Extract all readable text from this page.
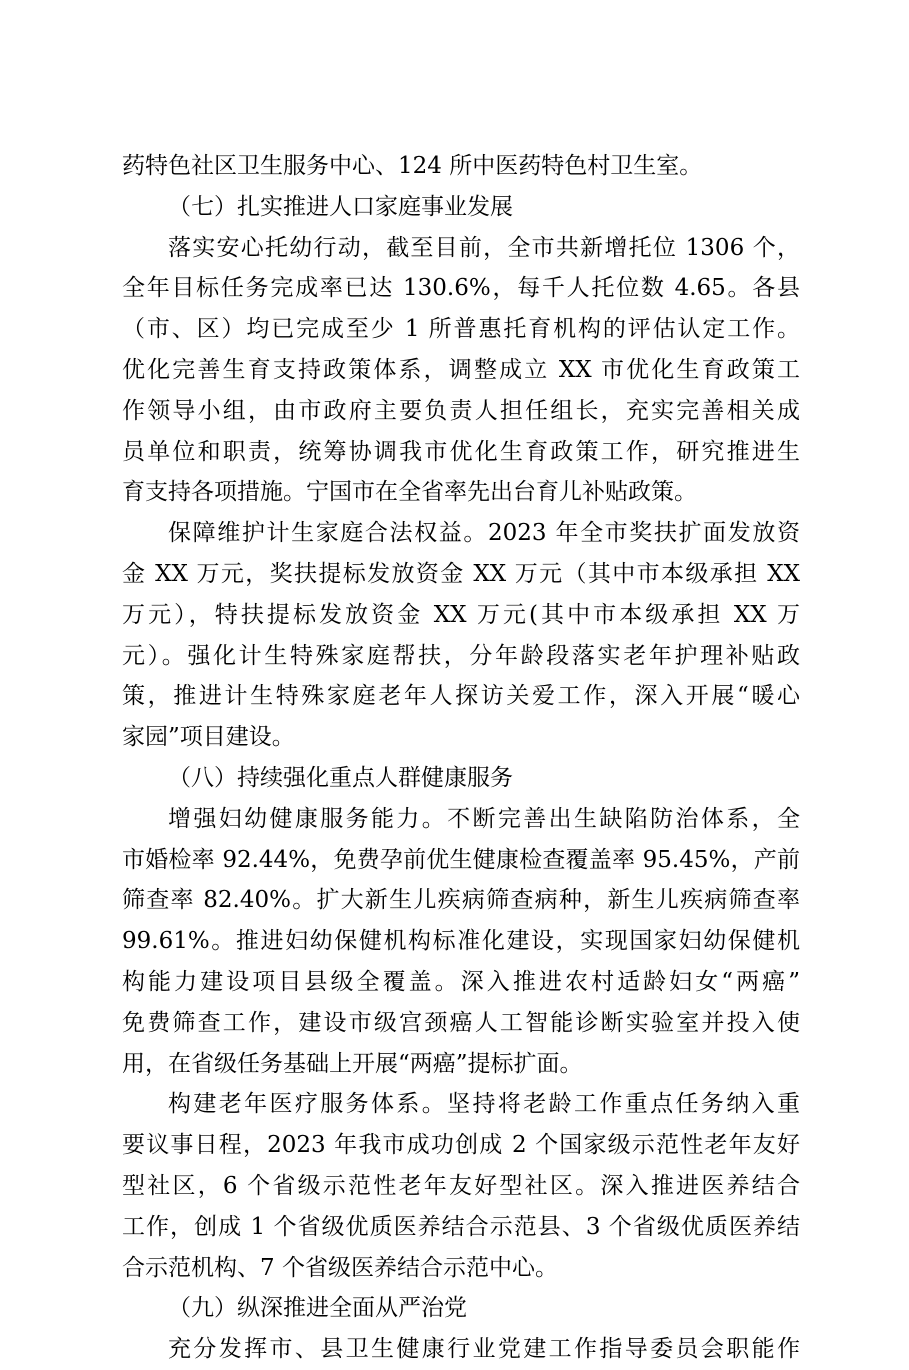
药特色社区卫生服务中心、124 所中医药特色村卫生室。
（七）扎实推进人口家庭事业发展
落实安心托幼行动，截至目前，全市共新增托位 1306 个，
全年目标任务完成率已达 130.6%，每千人托位数 4.65。各县
（市、区）均已完成至少 1 所普惠托育机构的评估认定工作。
优化完善生育支持政策体系，调整成立 XX 市优化生育政策工
作领导小组，由市政府主要负责人担任组长，充实完善相关成
员单位和职责，统筹协调我市优化生育政策工作，研究推进生
育支持各项措施。宁国市在全省率先出台育儿补贴政策。
保障维护计生家庭合法权益。2023 年全市奖扶扩面发放资
金 XX 万元，奖扶提标发放资金 XX 万元（其中市本级承担 XX
万元），特扶提标发放资金 XX 万元(其中市本级承担 XX 万
元）。强化计生特殊家庭帮扶，分年龄段落实老年护理补贴政
策，推进计生特殊家庭老年人探访关爱工作，深入开展“暖心
家园”项目建设。
（八）持续强化重点人群健康服务
增强妇幼健康服务能力。不断完善出生缺陷防治体系，全
市婚检率 92.44%，免费孕前优生健康检查覆盖率 95.45%，产前
筛查率 82.40%。扩大新生儿疾病筛查病种，新生儿疾病筛查率
99.61%。推进妇幼保健机构标准化建设，实现国家妇幼保健机
构能力建设项目县级全覆盖。深入推进农村适龄妇女“两癌”
免费筛查工作，建设市级宫颈癌人工智能诊断实验室并投入使
用，在省级任务基础上开展“两癌”提标扩面。
构建老年医疗服务体系。坚持将老龄工作重点任务纳入重
要议事日程，2023 年我市成功创成 2 个国家级示范性老年友好
型社区，6 个省级示范性老年友好型社区。深入推进医养结合
工作，创成 1 个省级优质医养结合示范县、3 个省级优质医养结
合示范机构、7 个省级医养结合示范中心。
（九）纵深推进全面从严治党
充分发挥市、县卫生健康行业党建工作指导委员会职能作
